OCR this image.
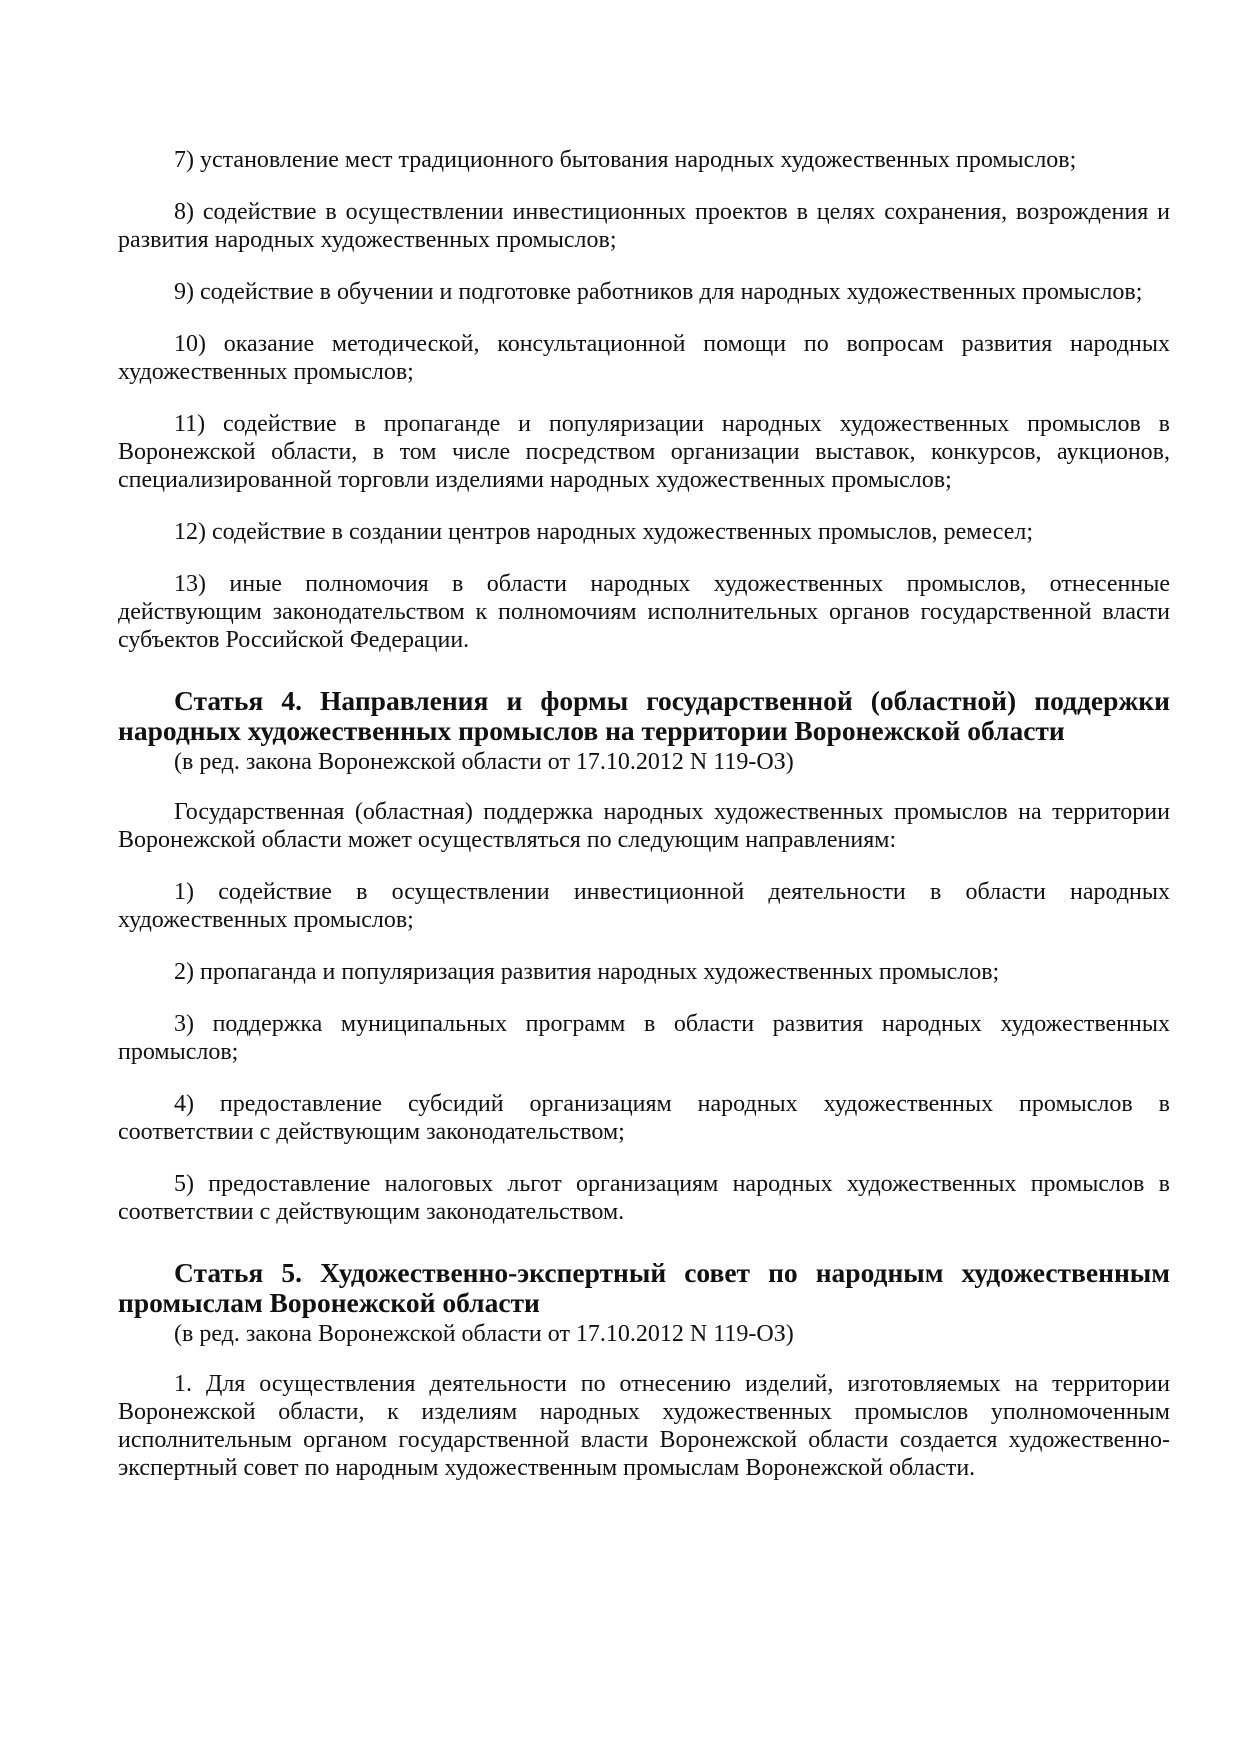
7) установление мест традиционного бытования народных художественных промыслов;

8) содействие в осуществлении инвестиционных проектов в целях сохранения, возрождения и развития народных художественных промыслов;

9) содействие в обучении и подготовке работников для народных художественных промыслов;

10) оказание методической, консультационной помощи по вопросам развития народных художественных промыслов;

11) содействие в пропаганде и популяризации народных художественных промыслов в Воронежской области, в том числе посредством организации выставок, конкурсов, аукционов, специализированной торговли изделиями народных художественных промыслов;

12) содействие в создании центров народных художественных промыслов, ремесел;

13) иные полномочия в области народных художественных промыслов, отнесенные действующим законодательством к полномочиям исполнительных органов государственной власти субъектов Российской Федерации.

Статья 4. Направления и формы государственной (областной) поддержки народных художественных промыслов на территории Воронежской области
(в ред. закона Воронежской области от 17.10.2012 N 119-ОЗ)

Государственная (областная) поддержка народных художественных промыслов на территории Воронежской области может осуществляться по следующим направлениям:

1) содействие в осуществлении инвестиционной деятельности в области народных художественных промыслов;

2) пропаганда и популяризация развития народных художественных промыслов;

3) поддержка муниципальных программ в области развития народных художественных промыслов;

4) предоставление субсидий организациям народных художественных промыслов в соответствии с действующим законодательством;

5) предоставление налоговых льгот организациям народных художественных промыслов в соответствии с действующим законодательством.

Статья 5. Художественно-экспертный совет по народным художественным промыслам Воронежской области
(в ред. закона Воронежской области от 17.10.2012 N 119-ОЗ)

1. Для осуществления деятельности по отнесению изделий, изготовляемых на территории Воронежской области, к изделиям народных художественных промыслов уполномоченным исполнительным органом государственной власти Воронежской области создается художественно-экспертный совет по народным художественным промыслам Воронежской области.
